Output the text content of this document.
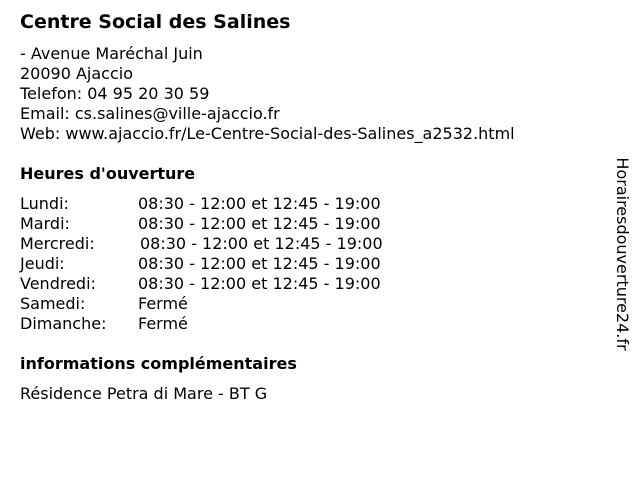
Centre Social des Salines
- Avenue Maréchal Juin
20090 Ajaccio
Telefon: 04 95 20 30 59
Email: cs.salines@ville-ajaccio.fr
Web: www.ajaccio.fr/Le-Centre-Social-des-Salines_a2532.html
Heures d'ouverture
Lundi:	08:30 - 12:00 et 12:45 - 19:00
Mardi:	08:30 - 12:00 et 12:45 - 19:00
Mercredi:	08:30 - 12:00 et 12:45 - 19:00
Jeudi:	08:30 - 12:00 et 12:45 - 19:00
Vendredi:	08:30 - 12:00 et 12:45 - 19:00
Samedi:	Fermé
Dimanche: Fermé
informations complémentaires
Résidence Petra di Mare - BT G
Horairesdouverture24.fr
